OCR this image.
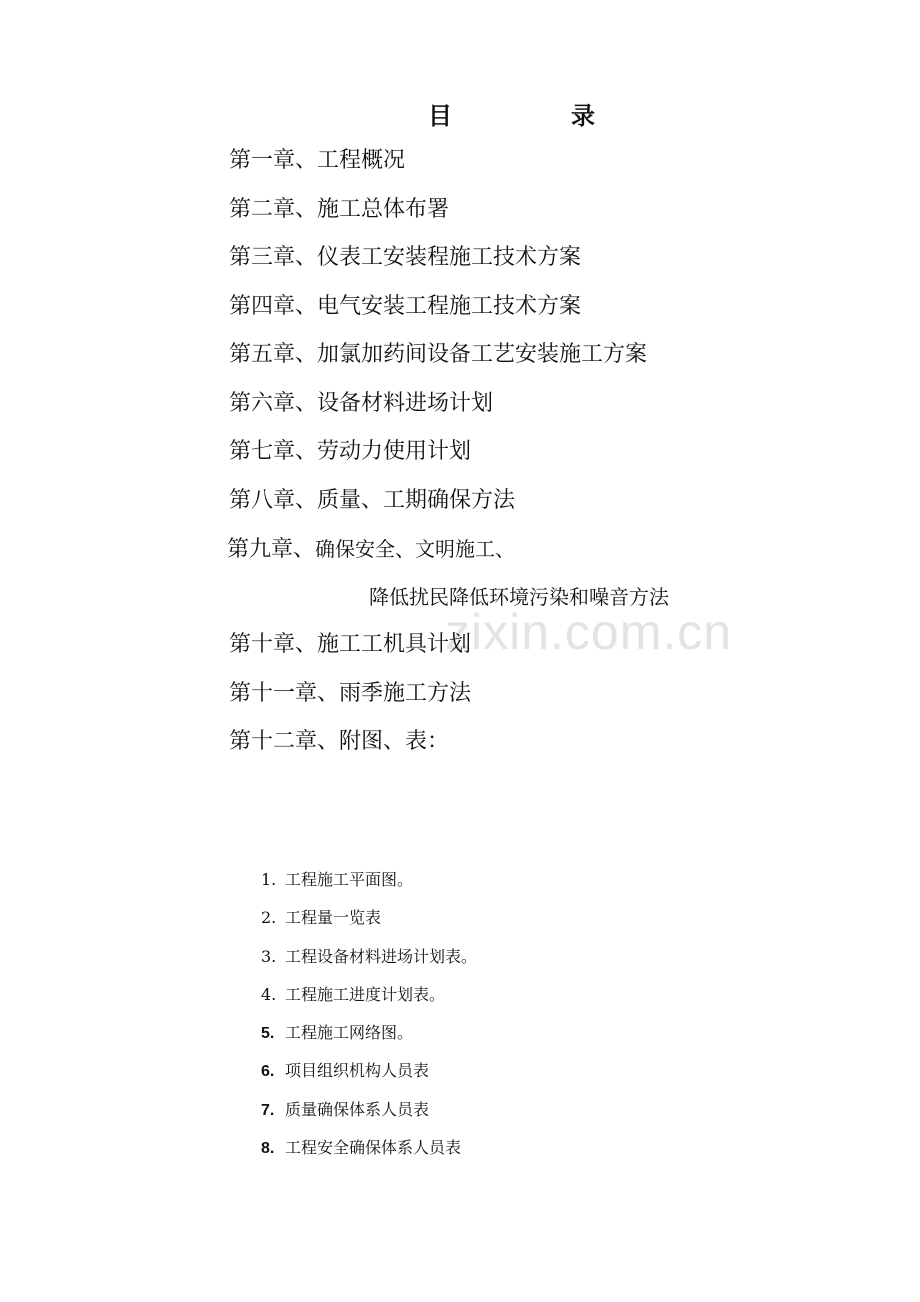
目	录
zixin.com.cn
第一章、工程概况
第二章、施工总体布署
第三章、仪表工安装程施工技术方案
第四章、电气安装工程施工技术方案
第五章、加氯加药间设备工艺安装施工方案
第六章、设备材料进场计划
第七章、劳动力使用计划
第八章、质量、工期确保方法
第九章、确保安全、文明施工、
降低扰民降低环境污染和噪音方法
第十章、施工工机具计划
第十一章、雨季施工方法
第十二章、附图、表：
1. 工程施工平面图。
2. 工程量一览表
3. 工程设备材料进场计划表。
4. 工程施工进度计划表。
5. 工程施工网络图。
6. 项目组织机构人员表
7. 质量确保体系人员表
8. 工程安全确保体系人员表
